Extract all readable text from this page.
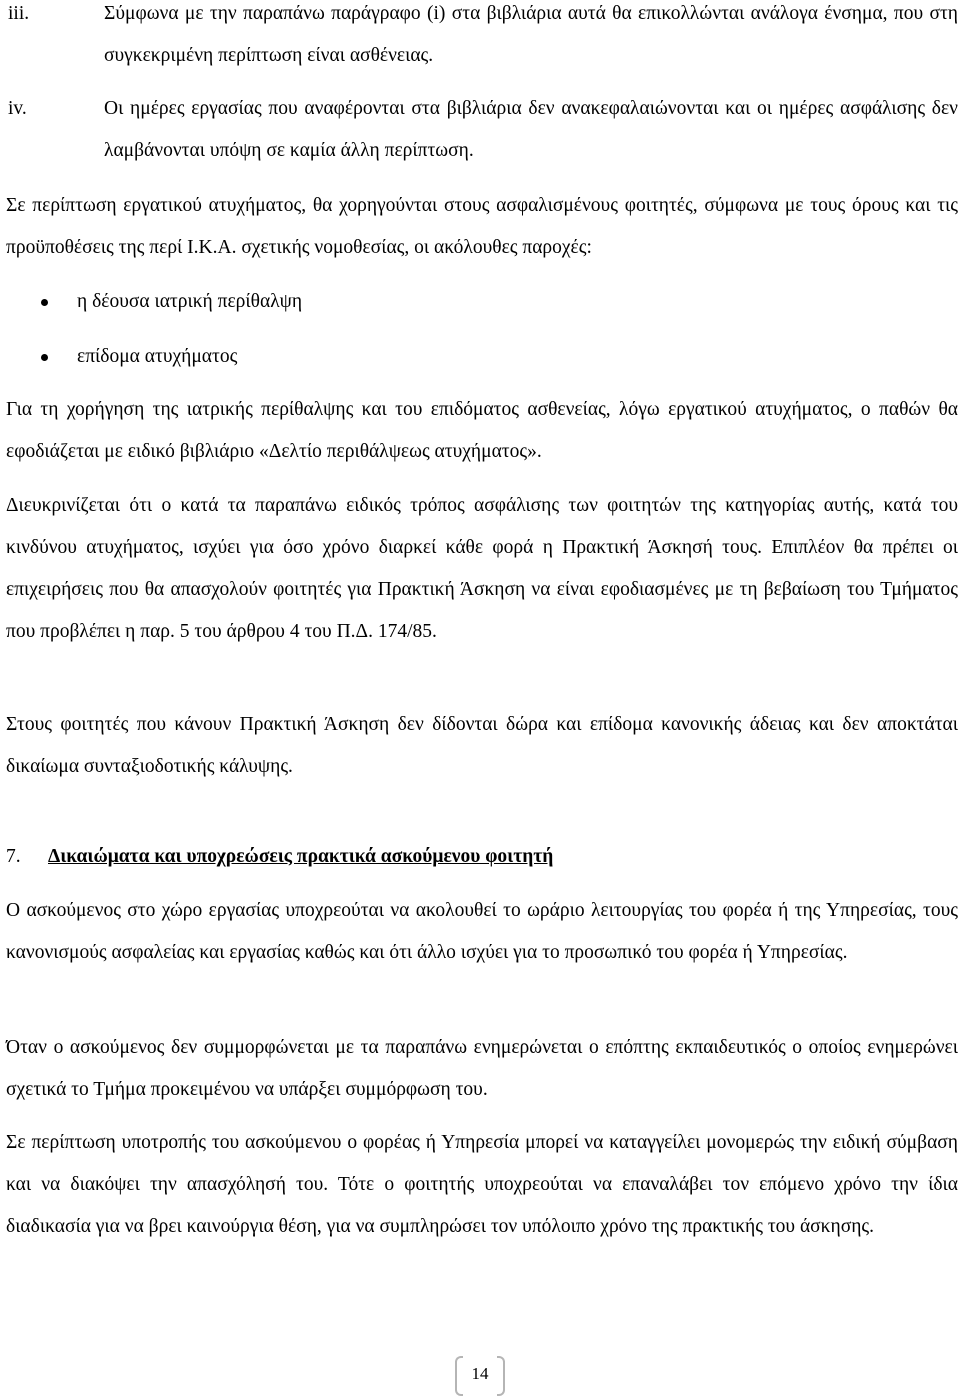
iii.	Σύμφωνα με την παραπάνω παράγραφο (i) στα βιβλιάρια αυτά θα επικολλώνται ανάλογα ένσημα, που στη συγκεκριμένη περίπτωση είναι ασθένειας.
iv.	Οι ημέρες εργασίας που αναφέρονται στα βιβλιάρια δεν ανακεφαλαιώνονται και οι ημέρες ασφάλισης δεν λαμβάνονται υπόψη σε καμία άλλη περίπτωση.
Σε περίπτωση εργατικού ατυχήματος, θα χορηγούνται στους ασφαλισμένους φοιτητές, σύμφωνα με τους όρους και τις προϋποθέσεις της περί Ι.Κ.Α. σχετικής νομοθεσίας, οι ακόλουθες παροχές:
η δέουσα ιατρική περίθαλψη
επίδομα ατυχήματος
Για τη χορήγηση της ιατρικής περίθαλψης και του επιδόματος ασθενείας, λόγω εργατικού ατυχήματος, ο παθών θα εφοδιάζεται με ειδικό βιβλιάριο «Δελτίο περιθάλψεως ατυχήματος».
Διευκρινίζεται ότι ο κατά τα παραπάνω ειδικός τρόπος ασφάλισης των φοιτητών της κατηγορίας αυτής, κατά του κινδύνου ατυχήματος, ισχύει για όσο χρόνο διαρκεί κάθε φορά η Πρακτική Άσκησή τους. Επιπλέον θα πρέπει οι επιχειρήσεις που θα απασχολούν φοιτητές για Πρακτική Άσκηση να είναι εφοδιασμένες με τη βεβαίωση του Τμήματος που προβλέπει η παρ. 5 του άρθρου 4 του Π.Δ. 174/85.
Στους φοιτητές που κάνουν Πρακτική Άσκηση δεν δίδονται δώρα και επίδομα κανονικής άδειας και δεν αποκτάται δικαίωμα συνταξιοδοτικής κάλυψης.
7. Δικαιώματα και υποχρεώσεις πρακτικά ασκούμενου φοιτητή
Ο ασκούμενος στο χώρο εργασίας υποχρεούται να ακολουθεί το ωράριο λειτουργίας του φορέα ή της Υπηρεσίας, τους κανονισμούς ασφαλείας και εργασίας καθώς και ότι άλλο ισχύει για το προσωπικό του φορέα ή Υπηρεσίας.
Όταν ο ασκούμενος δεν συμμορφώνεται με τα παραπάνω ενημερώνεται ο επόπτης εκπαιδευτικός ο οποίος ενημερώνει σχετικά το Τμήμα προκειμένου να υπάρξει συμμόρφωση του.
Σε περίπτωση υποτροπής του ασκούμενου ο φορέας ή Υπηρεσία μπορεί να καταγγείλει μονομερώς την ειδική σύμβαση και να διακόψει την απασχόλησή του. Τότε ο φοιτητής υποχρεούται να επαναλάβει τον επόμενο χρόνο την ίδια διαδικασία για να βρει καινούργια θέση, για να συμπληρώσει τον υπόλοιπο χρόνο της πρακτικής του άσκησης.
14
